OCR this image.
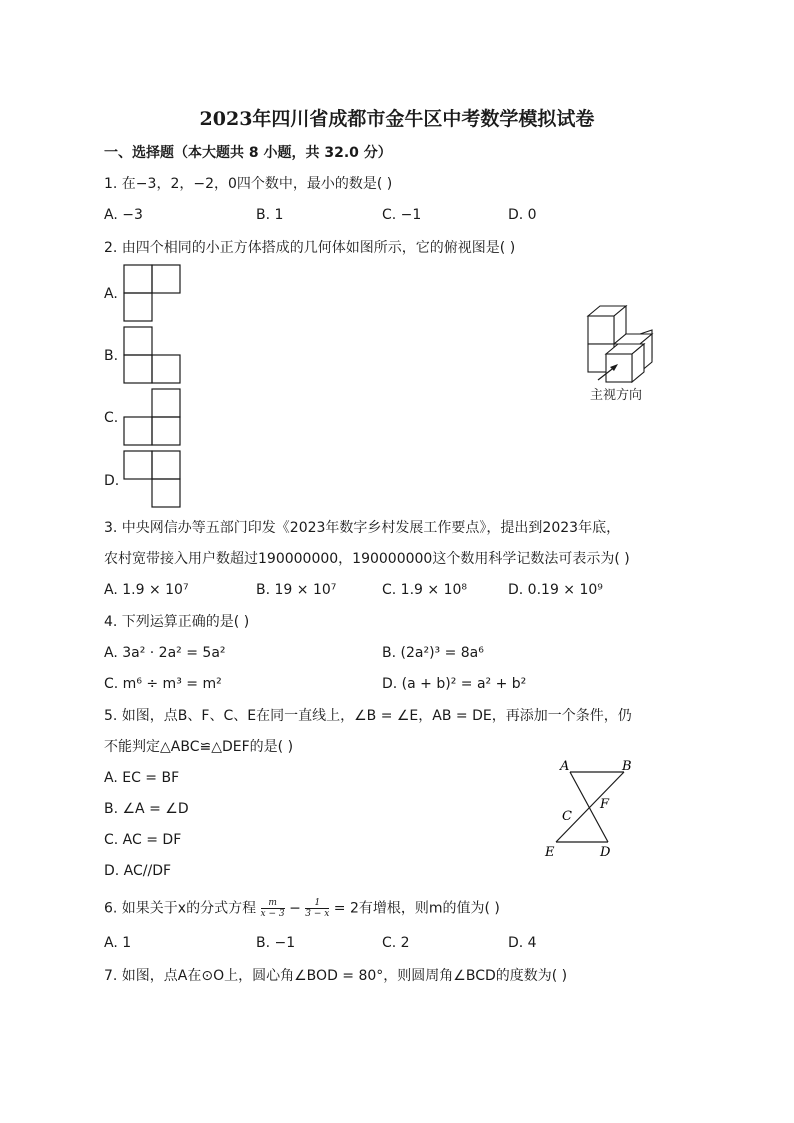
2023年四川省成都市金牛区中考数学模拟试卷
一、选择题（本大题共 8 小题，共 32.0 分）
1. 在−3，2，−2，0四个数中，最小的数是( )
A. −3	B. 1	C. −1	D. 0
2. 由四个相同的小正方体搭成的几何体如图所示，它的俯视图是( )
A.
B.
C.
D.
主视方向
3. 中央网信办等五部门印发《2023年数字乡村发展工作要点》，提出到2023年底，
农村宽带接入用户数超过190000000，190000000这个数用科学记数法可表示为( )
A. 1.9 × 10⁷	B. 19 × 10⁷	C. 1.9 × 10⁸	D. 0.19 × 10⁹
4. 下列运算正确的是( )
A. 3a² · 2a² = 5a²	B. (2a²)³ = 8a⁶
C. m⁶ ÷ m³ = m²	D. (a + b)² = a² + b²
5. 如图，点B、F、C、E在同一直线上，∠B = ∠E，AB = DE，再添加一个条件，仍
不能判定△ABC≌△DEF的是( )
A. EC = BF
B. ∠A = ∠D
C. AC = DF
D. AC//DF
A	B
C
F
E	D
6. 如果关于x的分式方程 $\frac{m}{x - 3} - \frac{1}{3 - x} = 2$有增根，则m的值为( )
A. 1	B. −1	C. 2	D. 4
7. 如图，点A在⊙O上，圆心角∠BOD = 80°，则圆周角∠BCD的度数为( )
